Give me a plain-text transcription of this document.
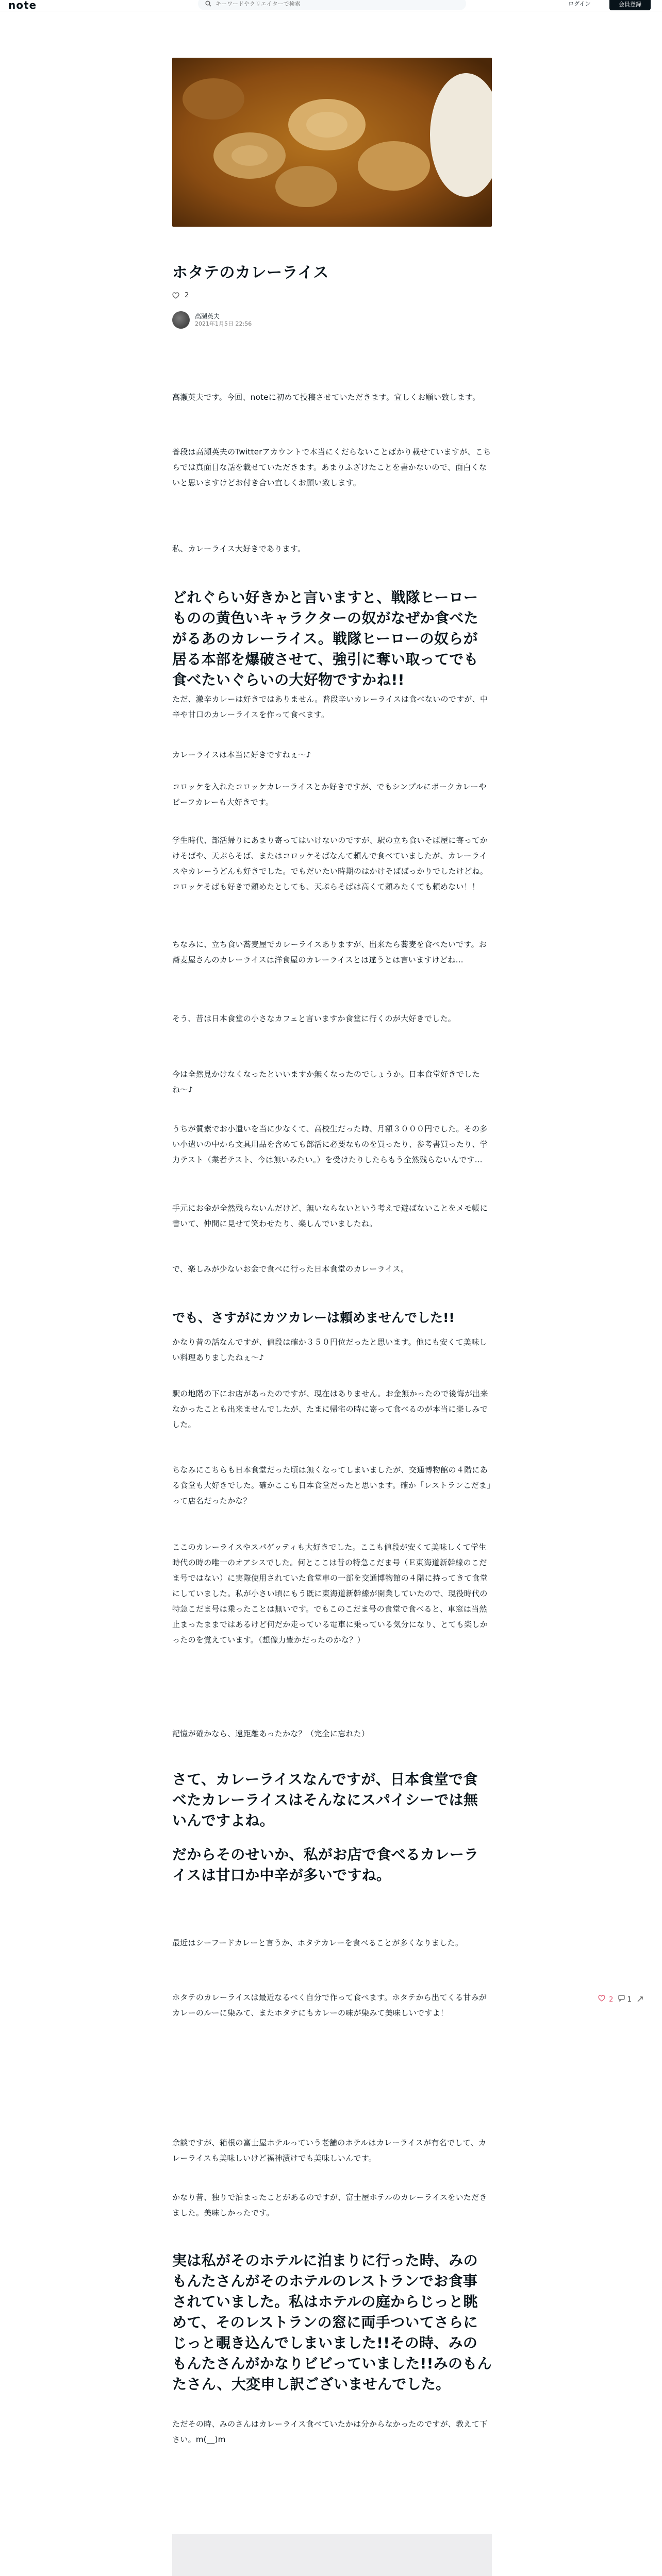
note
キーワードやクリエイターで検索	ログイン	会員登録
ホタテのカレーライス
2
高瀬英夫
2021年1月5日 22:56

高瀬英夫です。今回、noteに初めて投稿させていただきます。宜しくお願い致します。

普段は高瀬英夫のTwitterアカウントで本当にくだらないことばかり載せていますが、こちらでは真面目な話を載せていただきます。あまりふざけたことを書かないので、面白くないと思いますけどお付き合い宜しくお願い致します。

私、カレーライス大好きであります。

どれぐらい好きかと言いますと、戦隊ヒーローものの黄色いキャラクターの奴がなぜか食べたがるあのカレーライス。戦隊ヒーローの奴らが居る本部を爆破させて、強引に奪い取ってでも食べたいぐらいの大好物ですかね!!

ただ、激辛カレーは好きではありません。普段辛いカレーライスは食べないのですが、中辛や甘口のカレーライスを作って食べます。

カレーライスは本当に好きですねぇ〜♪

コロッケを入れたコロッケカレーライスとか好きですが、でもシンプルにポークカレーやビーフカレーも大好きです。

学生時代、部活帰りにあまり寄ってはいけないのですが、駅の立ち食いそば屋に寄ってかけそばや、天ぷらそば、またはコロッケそばなんて頼んで食べていましたが、カレーライスやカレーうどんも好きでした。でもだいたい時期のはかけそばばっかりでしたけどね。コロッケそばも好きで頼めたとしても、天ぷらそばは高くて頼みたくても頼めない！！

ちなみに、立ち食い蕎麦屋でカレーライスありますが、出来たら蕎麦を食べたいです。お蕎麦屋さんのカレーライスは洋食屋のカレーライスとは違うとは言いますけどね…

そう、昔は日本食堂の小さなカフェと言いますか食堂に行くのが大好きでした。

今は全然見かけなくなったといいますか無くなったのでしょうか。日本食堂好きでしたね〜♪

うちが質素でお小遣いを当に少なくて、高校生だった時、月額３０００円でした。その多い小遣いの中から文具用品を含めても部活に必要なものを買ったり、参考書買ったり、学力テスト（業者テスト、今は無いみたい。）を受けたりしたらもう全然残らないんです…

手元にお金が全然残らないんだけど、無いならないという考えで遊ばないことをメモ帳に書いて、仲間に見せて笑わせたり、楽しんでいましたね。

で、楽しみが少ないお金で食べに行った日本食堂のカレーライス。

でも、さすがにカツカレーは頼めませんでした!!

かなり昔の話なんですが、値段は確か３５０円位だったと思います。他にも安くて美味しい料理ありましたねぇ〜♪

駅の地階の下にお店があったのですが、現在はありません。お金無かったので後悔が出来なかったことも出来ませんでしたが、たまに帰宅の時に寄って食べるのが本当に楽しみでした。

ちなみにこちらも日本食堂だった頃は無くなってしまいましたが、交通博物館の４階にある食堂も大好きでした。確かここも日本食堂だったと思います。確か「レストランこだま」って店名だったかな？

ここのカレーライスやスパゲッティも大好きでした。ここも値段が安くて美味しくて学生時代の時の唯一のオアシスでした。何とここは昔の特急こだま号（Ｅ東海道新幹線のこだま号ではない）に実際使用されていた食堂車の一部を交通博物館の４階に持ってきて食堂にしていました。私が小さい頃にもう既に東海道新幹線が開業していたので、現役時代の特急こだま号は乗ったことは無いです。でもこのこだま号の食堂で食べると、車窓は当然止まったままではあるけど何だか走っている電車に乗っている気分になり、とても楽しかったのを覚えています。（想像力豊かだったのかな？）

記憶が確かなら、遠距離あったかな？（完全に忘れた）

さて、カレーライスなんですが、日本食堂で食べたカレーライスはそんなにスパイシーでは無いんですよね。
だからそのせいか、私がお店で食べるカレーライスは甘口か中辛が多いですね。

最近はシーフードカレーと言うか、ホタテカレーを食べることが多くなりました。

ホタテのカレーライスは最近なるべく自分で作って食べます。ホタテから出てくる甘みがカレーのルーに染みて、またホタテにもカレーの味が染みて美味しいですよ！

余談ですが、箱根の富士屋ホテルっていう老舗のホテルはカレーライスが有名でして、カレーライスも美味しいけど福神漬けでも美味しいんです。

かなり昔、独りで泊まったことがあるのですが、富士屋ホテルのカレーライスをいただきました。美味しかったです。

実は私がそのホテルに泊まりに行った時、みのもんたさんがそのホテルのレストランでお食事されていました。私はホテルの庭からじっと眺めて、そのレストランの窓に両手ついてさらにじっと覗き込んでしまいました!!その時、みのもんたさんがかなりビビっていました!!みのもんたさん、大変申し訳ございませんでした。

ただその時、みのさんはカレーライス食べていたかは分からなかったのですが、教えて下さい。m(__)m

2	1
